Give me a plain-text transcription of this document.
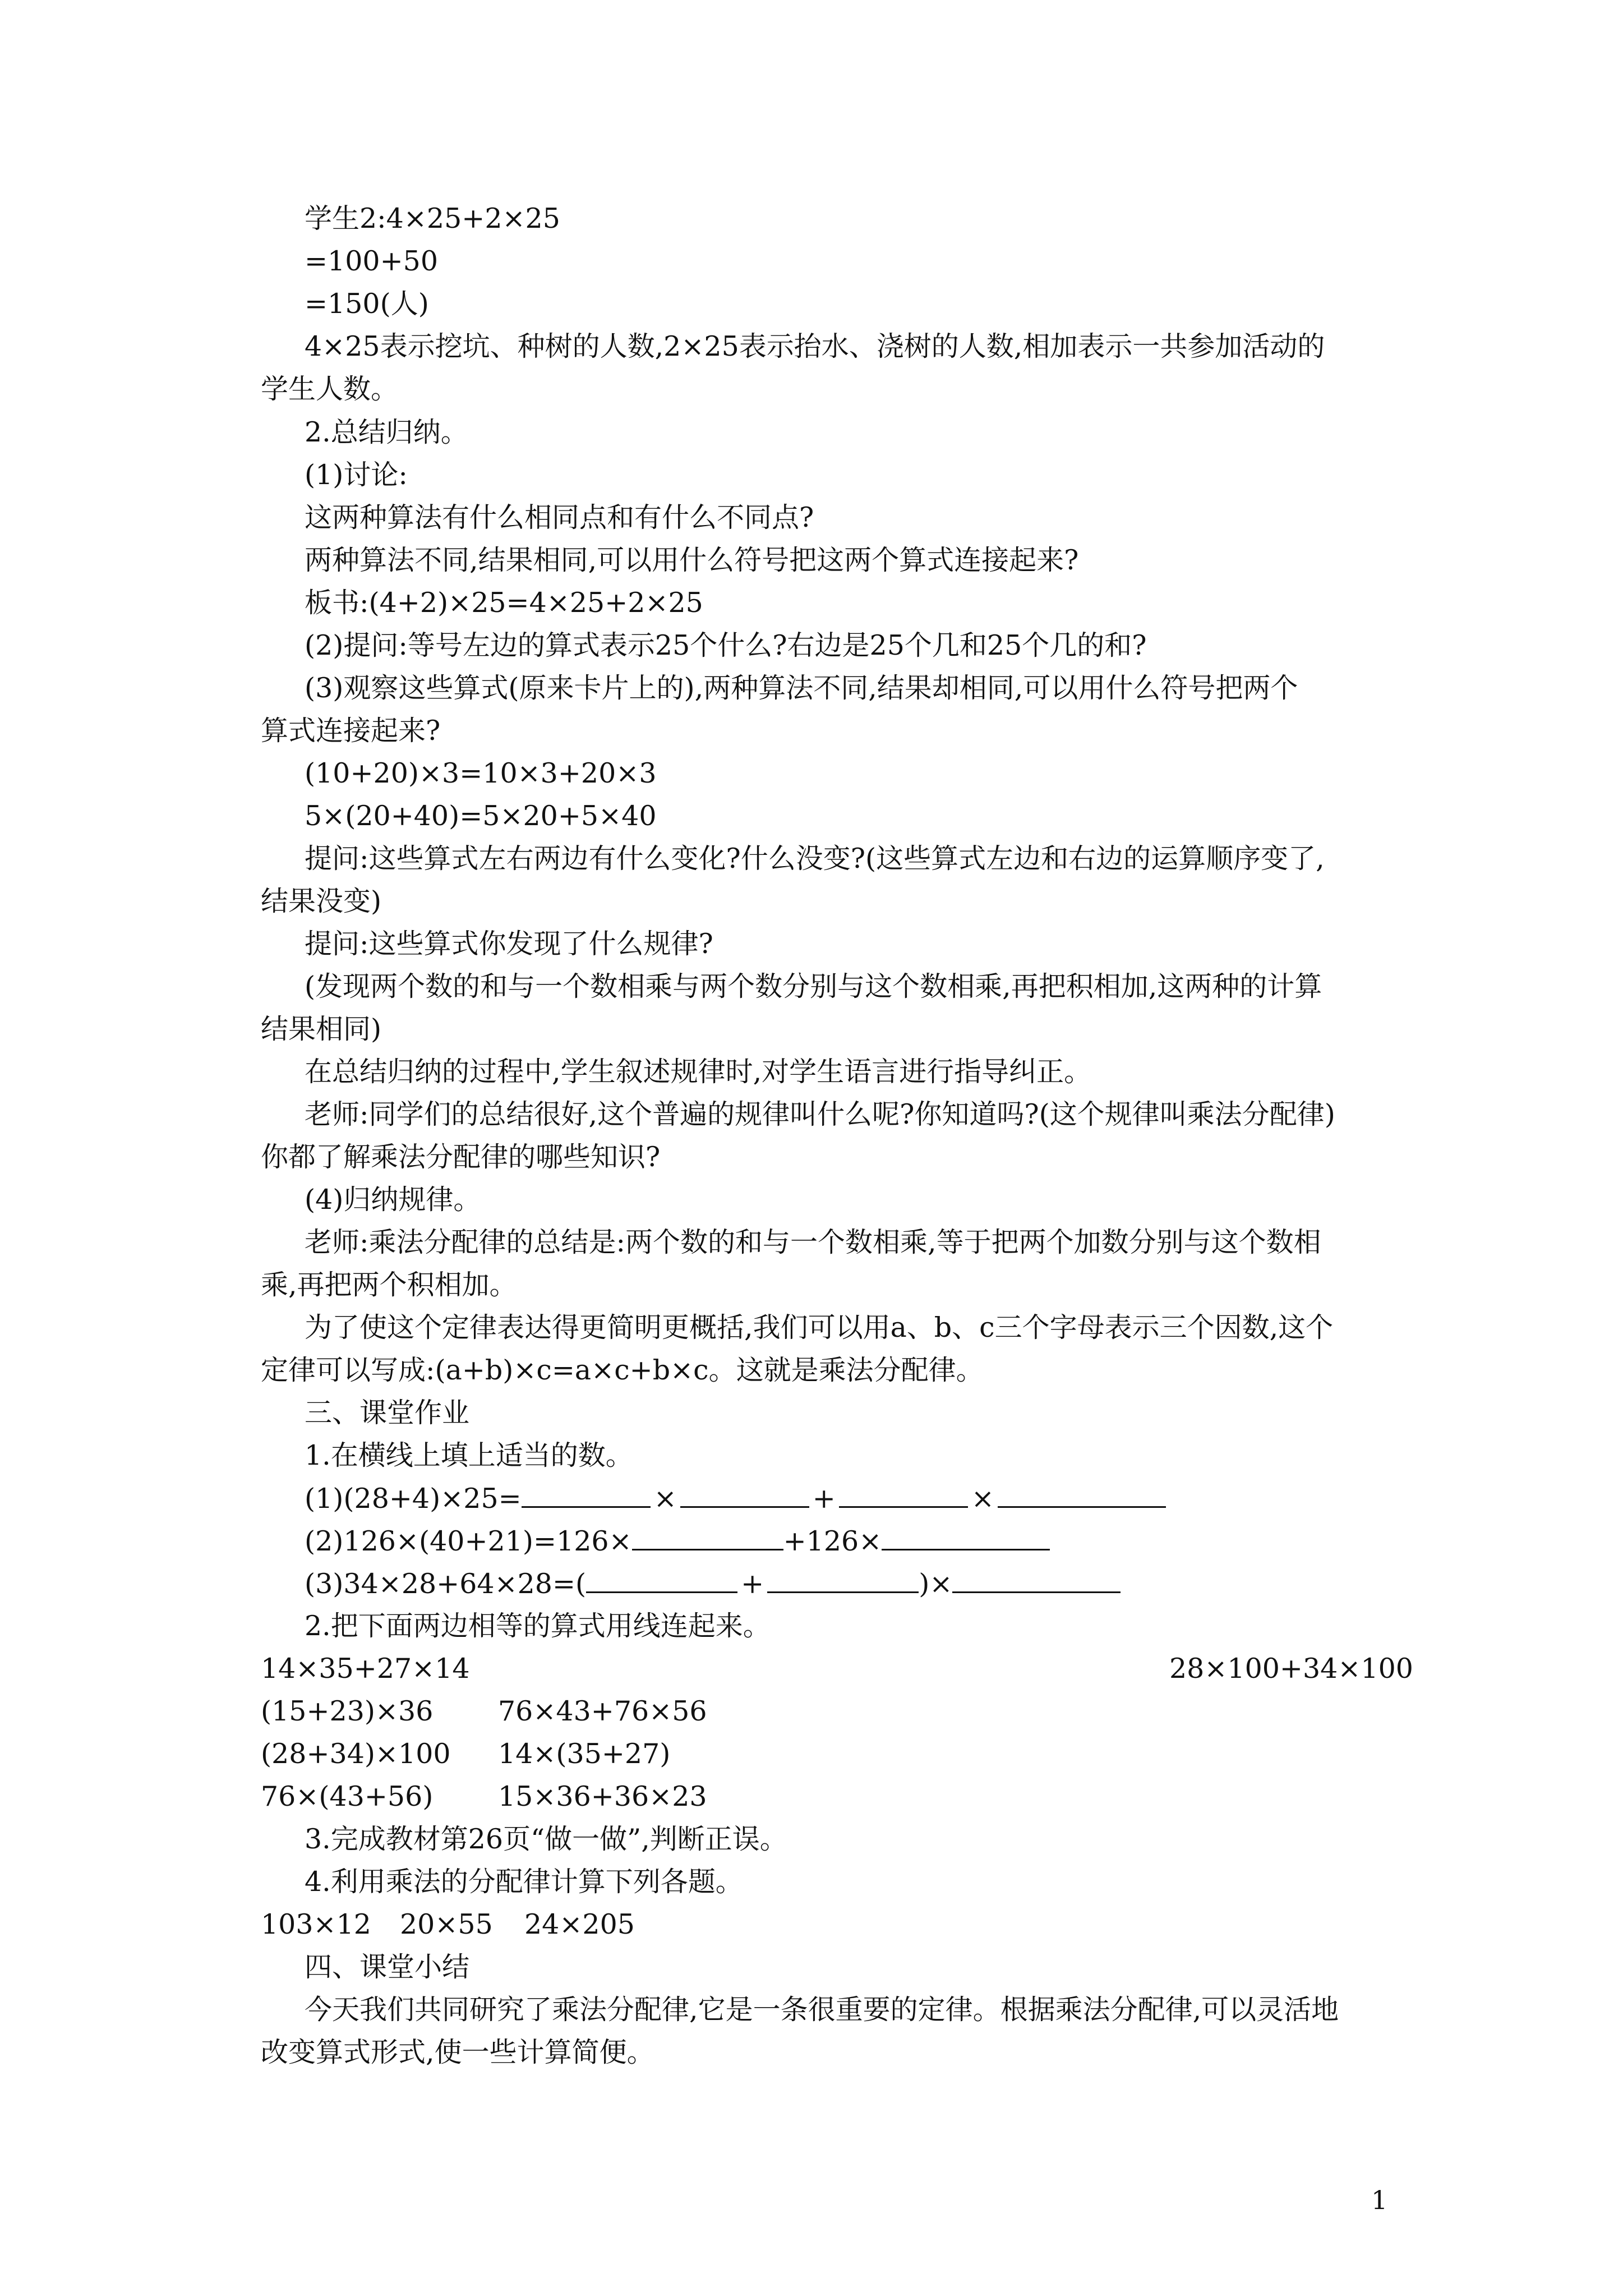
学生2:4×25+2×25
=100+50
=150(人)
4×25表示挖坑、种树的人数,2×25表示抬水、浇树的人数,相加表示一共参加活动的
学生人数。
2.总结归纳。
(1)讨论:
这两种算法有什么相同点和有什么不同点?
两种算法不同,结果相同,可以用什么符号把这两个算式连接起来?
板书:(4+2)×25=4×25+2×25
(2)提问:等号左边的算式表示25个什么?右边是25个几和25个几的和?
(3)观察这些算式(原来卡片上的),两种算法不同,结果却相同,可以用什么符号把两个
算式连接起来?
(10+20)×3=10×3+20×3
5×(20+40)=5×20+5×40
提问:这些算式左右两边有什么变化?什么没变?(这些算式左边和右边的运算顺序变了,
结果没变)
提问:这些算式你发现了什么规律?
(发现两个数的和与一个数相乘与两个数分别与这个数相乘,再把积相加,这两种的计算
结果相同)
在总结归纳的过程中,学生叙述规律时,对学生语言进行指导纠正。
老师:同学们的总结很好,这个普遍的规律叫什么呢?你知道吗?(这个规律叫乘法分配律)
你都了解乘法分配律的哪些知识?
(4)归纳规律。
老师:乘法分配律的总结是:两个数的和与一个数相乘,等于把两个加数分别与这个数相
乘,再把两个积相加。
为了使这个定律表达得更简明更概括,我们可以用a、b、c三个字母表示三个因数,这个
定律可以写成:(a+b)×c=a×c+b×c。这就是乘法分配律。
三、课堂作业
1.在横线上填上适当的数。
(1)(28+4)×25=	×	+	×
(2)126×(40+21)=126×	+126×
(3)34×28+64×28=(	+	)×
2.把下面两边相等的算式用线连起来。
14×35+27×14	28×100+34×100
(15+23)×36 76×43+76×56
(28+34)×100 14×(35+27)
76×(43+56) 15×36+36×23
3.完成教材第26页“做一做”,判断正误。
4.利用乘法的分配律计算下列各题。
103×12 20×55 24×205
四、课堂小结
今天我们共同研究了乘法分配律,它是一条很重要的定律。根据乘法分配律,可以灵活地
改变算式形式,使一些计算简便。
1
